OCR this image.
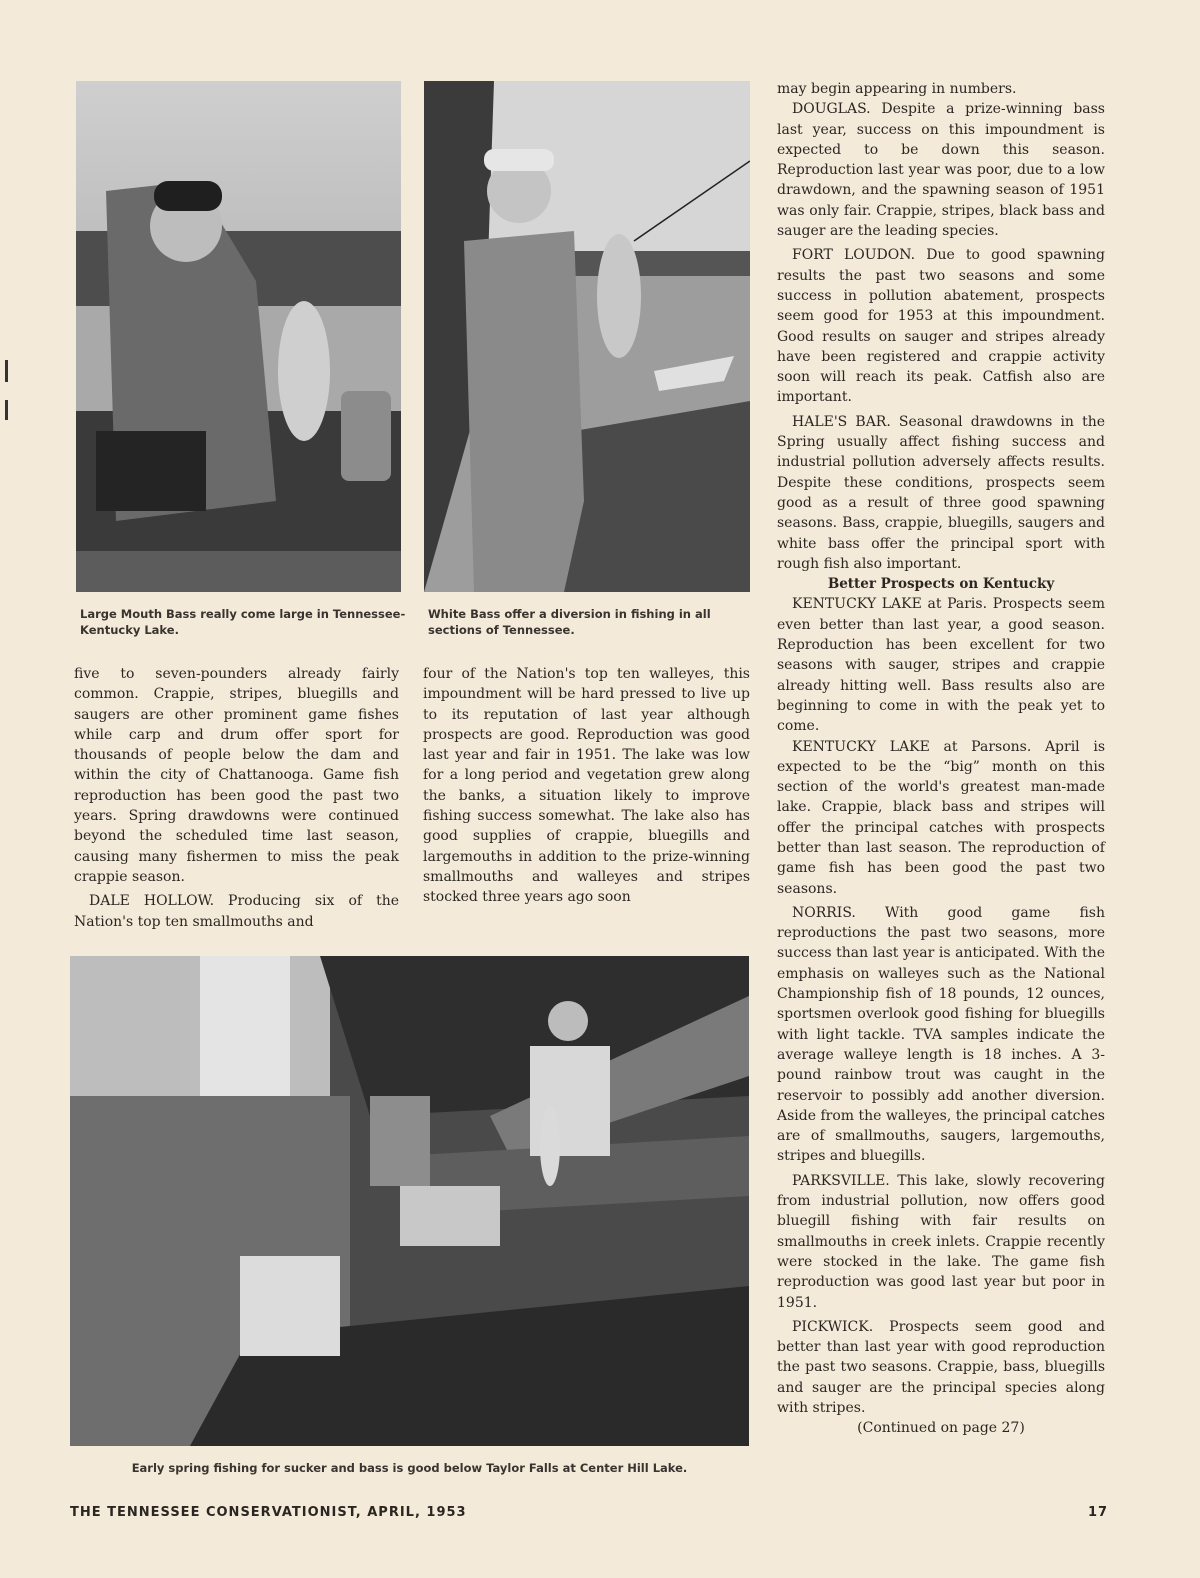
Large Mouth Bass really come large in Tennessee-Kentucky Lake.
White Bass offer a diversion in fishing in all sections of Tennessee.

five to seven-pounders already fairly common. Crappie, stripes, bluegills and saugers are other prominent game fishes while carp and drum offer sport for thousands of people below the dam and within the city of Chattanooga. Game fish reproduction has been good the past two years. Spring drawdowns were continued beyond the scheduled time last season, causing many fishermen to miss the peak crappie season.

DALE HOLLOW. Producing six of the Nation's top ten smallmouths and

four of the Nation's top ten walleyes, this impoundment will be hard pressed to live up to its reputation of last year although prospects are good. Reproduction was good last year and fair in 1951. The lake was low for a long period and vegetation grew along the banks, a situation likely to improve fishing success somewhat. The lake also has good supplies of crappie, bluegills and largemouths in addition to the prize-winning smallmouths and walleyes and stripes stocked three years ago soon

may begin appearing in numbers.

DOUGLAS. Despite a prize-winning bass last year, success on this impoundment is expected to be down this season. Reproduction last year was poor, due to a low drawdown, and the spawning season of 1951 was only fair. Crappie, stripes, black bass and sauger are the leading species.

FORT LOUDON. Due to good spawning results the past two seasons and some success in pollution abatement, prospects seem good for 1953 at this impoundment. Good results on sauger and stripes already have been registered and crappie activity soon will reach its peak. Catfish also are important.

HALE'S BAR. Seasonal drawdowns in the Spring usually affect fishing success and industrial pollution adversely affects results. Despite these conditions, prospects seem good as a result of three good spawning seasons. Bass, crappie, bluegills, saugers and white bass offer the principal sport with rough fish also important.

Better Prospects on Kentucky

KENTUCKY LAKE at Paris. Prospects seem even better than last year, a good season. Reproduction has been excellent for two seasons with sauger, stripes and crappie already hitting well. Bass results also are beginning to come in with the peak yet to come.

KENTUCKY LAKE at Parsons. April is expected to be the “big” month on this section of the world's greatest man-made lake. Crappie, black bass and stripes will offer the principal catches with prospects better than last season. The reproduction of game fish has been good the past two seasons.

NORRIS. With good game fish reproductions the past two seasons, more success than last year is anticipated. With the emphasis on walleyes such as the National Championship fish of 18 pounds, 12 ounces, sportsmen overlook good fishing for bluegills with light tackle. TVA samples indicate the average walleye length is 18 inches. A 3-pound rainbow trout was caught in the reservoir to possibly add another diversion. Aside from the walleyes, the principal catches are of smallmouths, saugers, largemouths, stripes and bluegills.

PARKSVILLE. This lake, slowly recovering from industrial pollution, now offers good bluegill fishing with fair results on smallmouths in creek inlets. Crappie recently were stocked in the lake. The game fish reproduction was good last year but poor in 1951.

PICKWICK. Prospects seem good and better than last year with good reproduction the past two seasons. Crappie, bass, bluegills and sauger are the principal species along with stripes.

(Continued on page 27)

Early spring fishing for sucker and bass is good below Taylor Falls at Center Hill Lake.
THE TENNESSEE CONSERVATIONIST, APRIL, 1953	17
